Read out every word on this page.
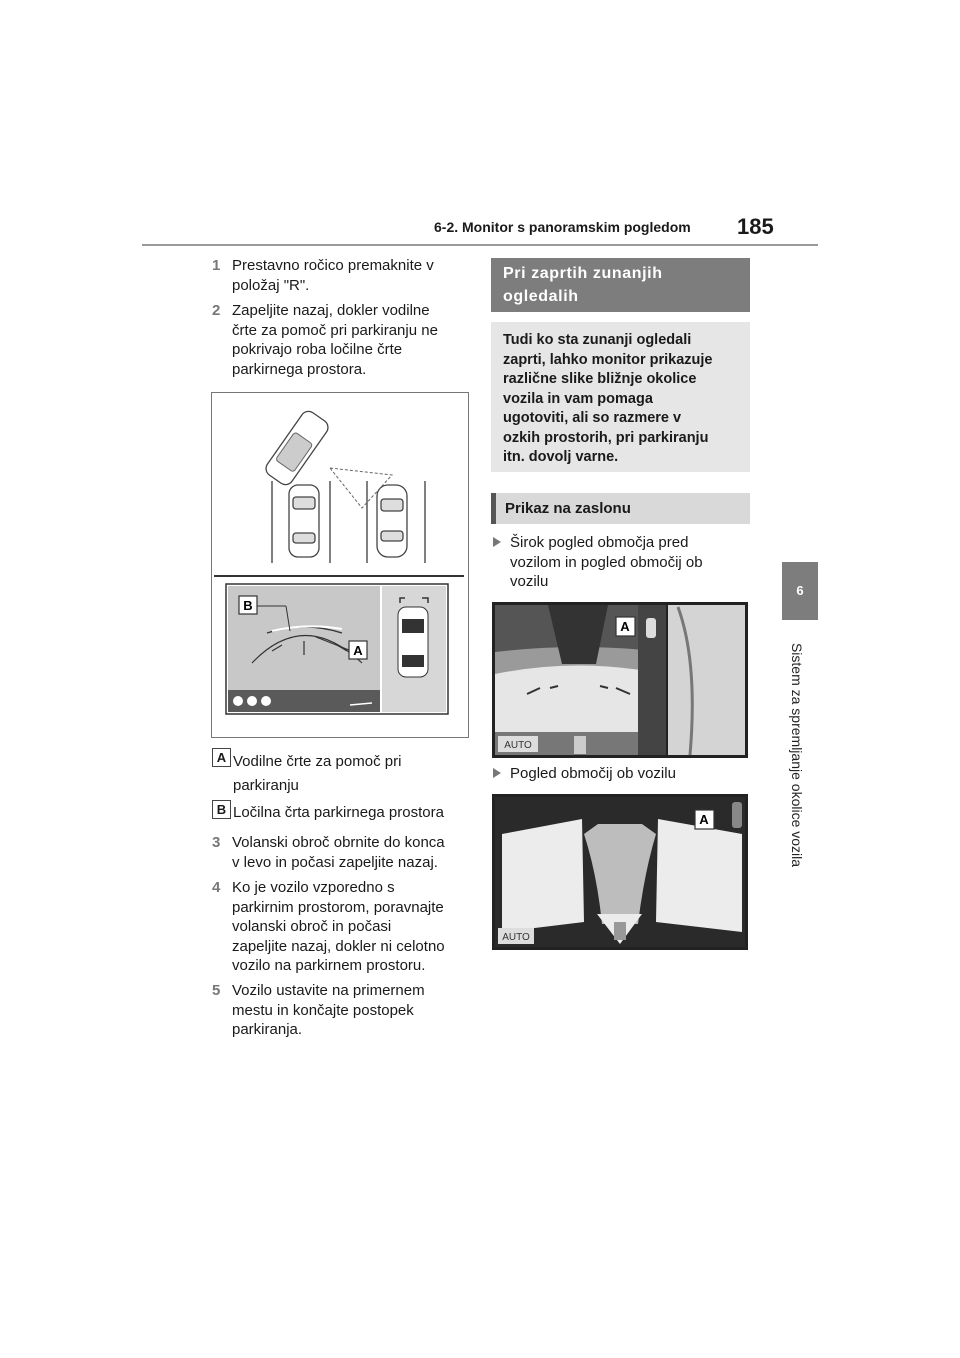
6-2. Monitor s panoramskim pogledom 185
6
Sistem za spremljanje okolice vozila
1 Prestavno ročico premaknite v
položaj "R".
2 Zapeljite nazaj, dokler vodilne
črte za pomoč pri parkiranju ne
pokrivajo roba ločilne črte
parkirnega prostora.
B
A
A Vodilne črte za pomoč pri
parkiranju
B Ločilna črta parkirnega prostora
3 Volanski obroč obrnite do konca
v levo in počasi zapeljite nazaj.
4 Ko je vozilo vzporedno s
parkirnim prostorom, poravnajte
volanski obroč in počasi
zapeljite nazaj, dokler ni celotno
vozilo na parkirnem prostoru.
5 Vozilo ustavite na primernem
mestu in končajte postopek
parkiranja.
Pri zaprtih zunanjih
ogledalih
Tudi ko sta zunanji ogledali
zaprti, lahko monitor prikazuje
različne slike bližnje okolice
vozila in vam pomaga
ugotoviti, ali so razmere v
ozkih prostorih, pri parkiranju
itn. dovolj varne.
Prikaz na zaslonu
Širok pogled območja pred
vozilom in pogled območij ob
vozilu
AUTO
A
Pogled območij ob vozilu
AUTO
A
